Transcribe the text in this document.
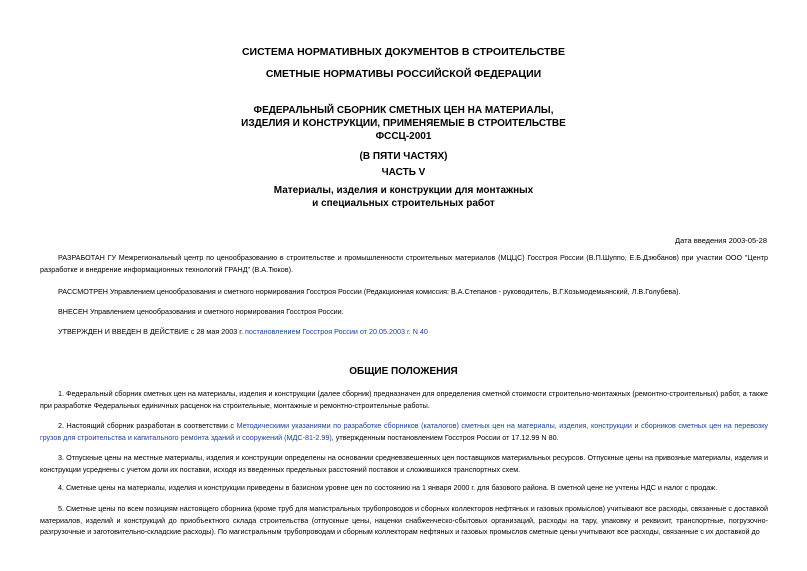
СИСТЕМА НОРМАТИВНЫХ ДОКУМЕНТОВ В СТРОИТЕЛЬСТВЕ
СМЕТНЫЕ НОРМАТИВЫ РОССИЙСКОЙ ФЕДЕРАЦИИ
ФЕДЕРАЛЬНЫЙ СБОРНИК СМЕТНЫХ ЦЕН НА МАТЕРИАЛЫ,
ИЗДЕЛИЯ И КОНСТРУКЦИИ, ПРИМЕНЯЕМЫЕ В СТРОИТЕЛЬСТВЕ
ФССЦ-2001
(В ПЯТИ ЧАСТЯХ)
ЧАСТЬ V
Материалы, изделия и конструкции для монтажных
и специальных строительных работ
Дата введения 2003-05-28
РАЗРАБОТАН ГУ Межрегиональный центр по ценообразованию в строительстве и промышленности строительных материалов (МЦЦС) Госстроя России (В.П.Шуппо, Е.Б.Дзюбанов) при участии ООО "Центр разработке и внедрение информационных технологий ГРАНД" (В.А.Тюков).
РАССМОТРЕН Управлением ценообразования и сметного нормирования Госстроя России (Редакционная комиссия: В.А.Степанов - руководитель, В.Г.Козьмодемьянский, Л.В.Голубева).
ВНЕСЕН Управлением ценообразования и сметного нормирования Госстроя России.
УТВЕРЖДЕН И ВВЕДЕН В ДЕЙСТВИЕ с 28 мая 2003 г. постановлением Госстроя России от 20.05.2003 г. N 40
ОБЩИЕ ПОЛОЖЕНИЯ
1. Федеральный сборник сметных цен на материалы, изделия и конструкции (далее сборник) предназначен для определения сметной стоимости строительно-монтажных (ремонтно-строительных) работ, а также при разработке Федеральных единичных расценок на строительные, монтажные и ремонтно-строительные работы.
2. Настоящий сборник разработан в соответствии с Методическими указаниями по разработке сборников (каталогов) сметных цен на материалы, изделия, конструкции и сборников сметных цен на перевозку грузов для строительства и капитального ремонта зданий и сооружений (МДС-81-2.99), утвержденным постановлением Госстроя России от 17.12.99 N 80.
3. Отпускные цены на местные материалы, изделия и конструкции определены на основании средневзвешенных цен поставщиков материальных ресурсов. Отпускные цены на привозные материалы, изделия и конструкции усреднены с учетом доли их поставки, исходя из введенных предельных расстояний поставок и сложившихся транспортных схем.
4. Сметные цены на материалы, изделия и конструкции приведены в базисном уровне цен по состоянию на 1 января 2000 г. для базового района. В сметной цене не учтены НДС и налог с продаж.
5. Сметные цены по всем позициям настоящего сборника (кроме труб для магистральных трубопроводов и сборных коллекторов нефтяных и газовых промыслов) учитывают все расходы, связанные с доставкой материалов, изделий и конструкций до приобъектного склада строительства (отпускные цены, наценки снабженческо-сбытовых организаций, расходы на тару, упаковку и реквизит, транспортные, погрузочно-разгрузочные и заготовительно-складские расходы). По магистральным трубопроводам и сборным коллекторам нефтяных и газовых промыслов сметные цены учитывают все расходы, связанные с их доставкой до
